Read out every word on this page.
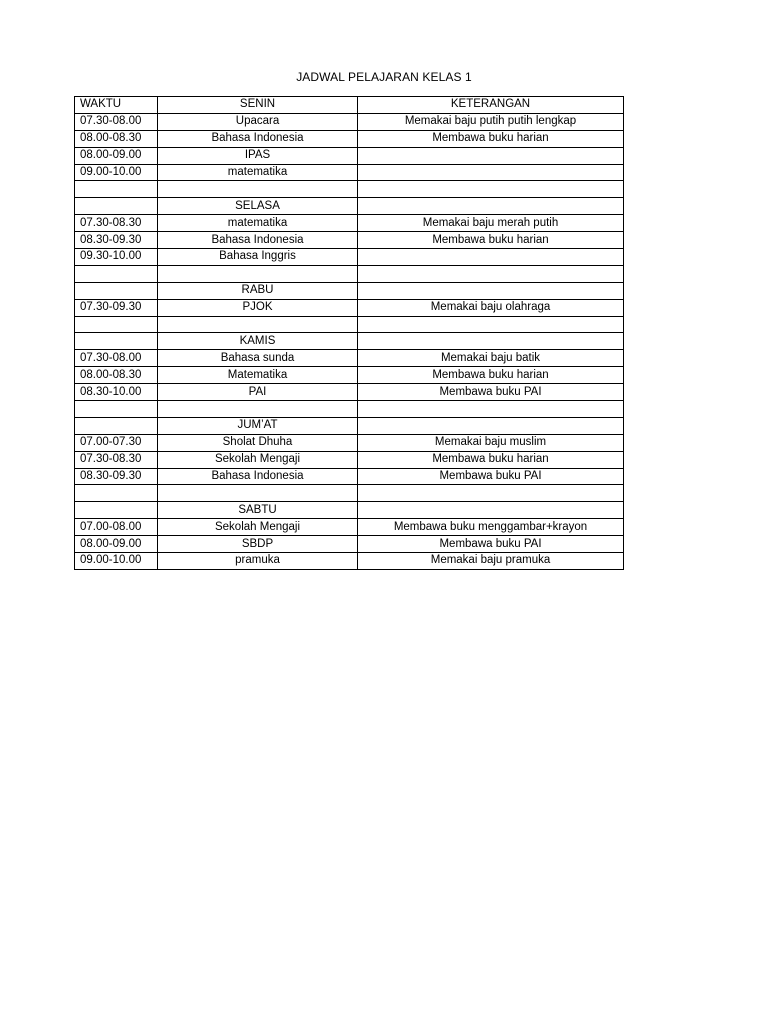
JADWAL PELAJARAN KELAS 1
WAKTU	SENIN	KETERANGAN
07.30-08.00	Upacara	Memakai baju putih putih lengkap
08.00-08.30	Bahasa Indonesia	Membawa buku harian
08.00-09.00	IPAS	
09.00-10.00	matematika	

	SELASA	
07.30-08.30	matematika	Memakai baju merah putih
08.30-09.30	Bahasa Indonesia	Membawa buku harian
09.30-10.00	Bahasa Inggris	

	RABU	
07.30-09.30	PJOK	Memakai baju olahraga

	KAMIS	
07.30-08.00	Bahasa sunda	Memakai baju batik
08.00-08.30	Matematika	Membawa buku harian
08.30-10.00	PAI	Membawa buku PAI

	JUM’AT	
07.00-07.30	Sholat Dhuha	Memakai baju muslim
07.30-08.30	Sekolah Mengaji	Membawa buku harian
08.30-09.30	Bahasa Indonesia	Membawa buku PAI

	SABTU	
07.00-08.00	Sekolah Mengaji	Membawa buku menggambar+krayon
08.00-09.00	SBDP	Membawa buku PAI
09.00-10.00	pramuka	Memakai baju pramuka
